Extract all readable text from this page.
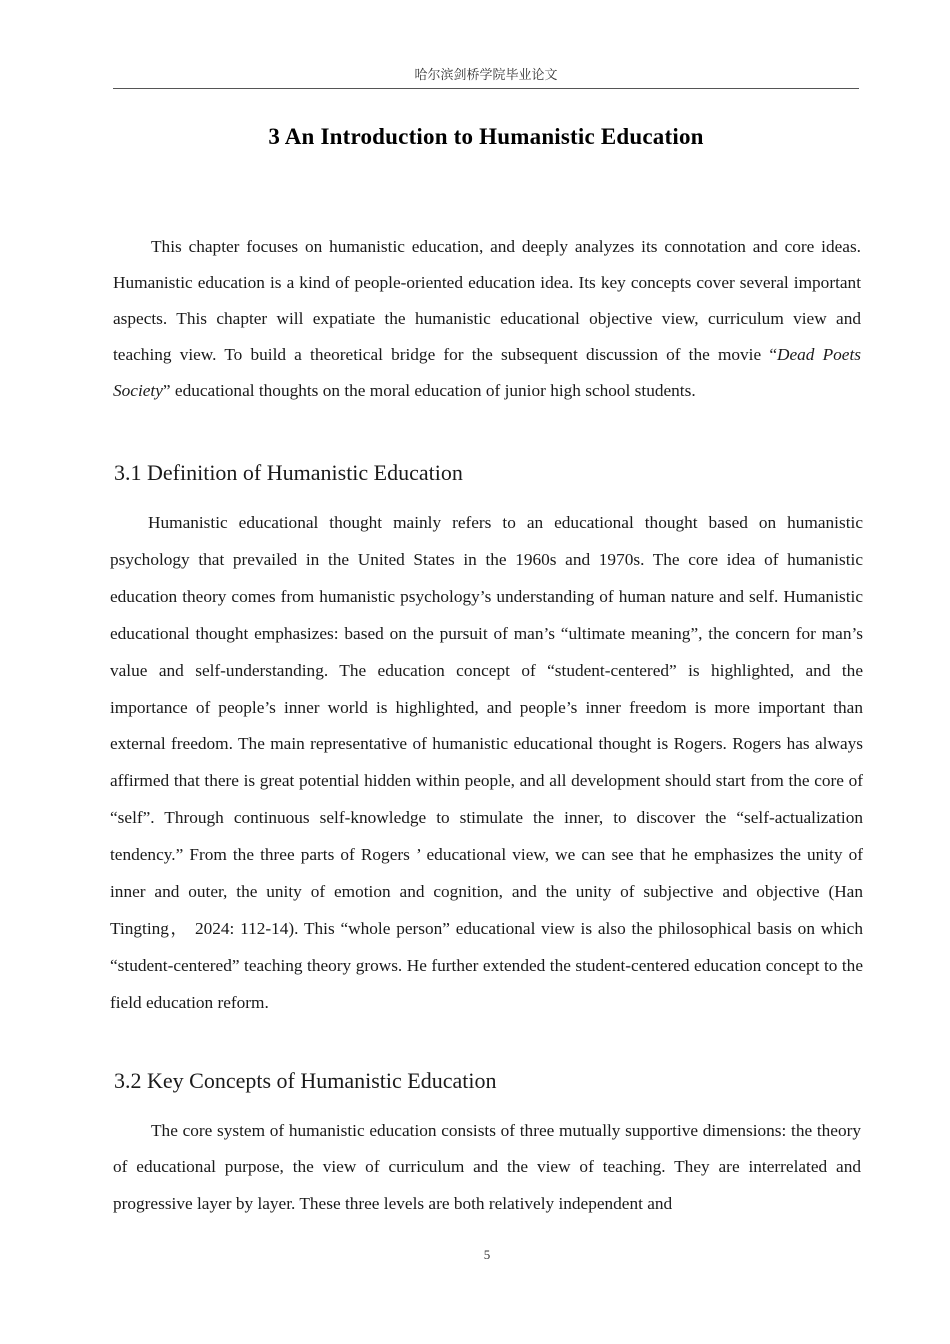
哈尔滨剑桥学院毕业论文
3 An Introduction to Humanistic Education

This chapter focuses on humanistic education, and deeply analyzes its connotation and core ideas. Humanistic education is a kind of people-oriented education idea. Its key concepts cover several important aspects. This chapter will expatiate the humanistic educational objective view, curriculum view and teaching view. To build a theoretical bridge for the subsequent discussion of the movie “Dead Poets Society” educational thoughts on the moral education of junior high school students.

3.1 Definition of Humanistic Education

Humanistic educational thought mainly refers to an educational thought based on humanistic psychology that prevailed in the United States in the 1960s and 1970s. The core idea of humanistic education theory comes from humanistic psychology’s understanding of human nature and self. Humanistic educational thought emphasizes: based on the pursuit of man’s “ultimate meaning”, the concern for man’s value and self-understanding. The education concept of “student-centered” is highlighted, and the importance of people’s inner world is highlighted, and people’s inner freedom is more important than external freedom. The main representative of humanistic educational thought is Rogers. Rogers has always affirmed that there is great potential hidden within people, and all development should start from the core of “self”. Through continuous self-knowledge to stimulate the inner, to discover the “self-actualization tendency.” From the three parts of Rogers ’ educational view, we can see that he emphasizes the unity of inner and outer, the unity of emotion and cognition, and the unity of subjective and objective (Han Tingting， 2024: 112-14). This “whole person” educational view is also the philosophical basis on which “student-centered” teaching theory grows. He further extended the student-centered education concept to the field education reform.

3.2 Key Concepts of Humanistic Education

The core system of humanistic education consists of three mutually supportive dimensions: the theory of educational purpose, the view of curriculum and the view of teaching. They are interrelated and progressive layer by layer. These three levels are both relatively independent and

5
